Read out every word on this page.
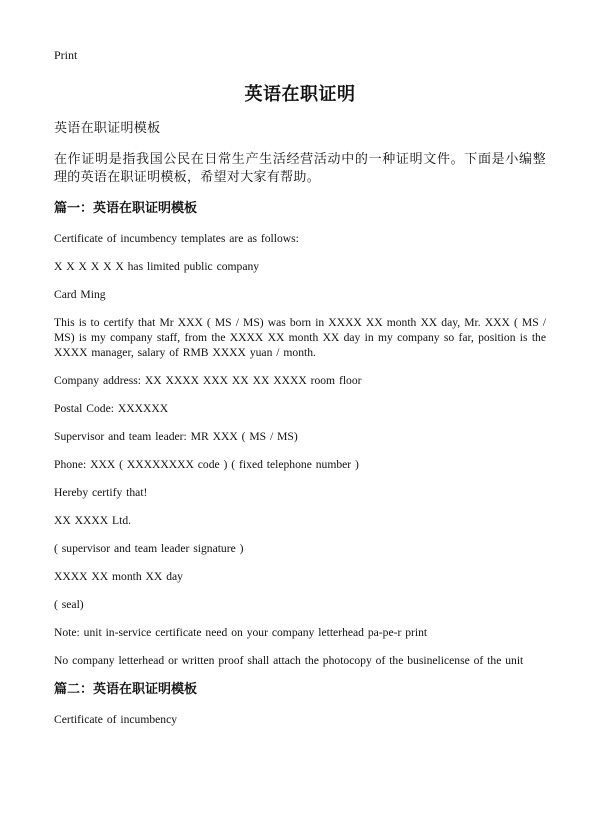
Print
英语在职证明

英语在职证明模板

在作证明是指我国公民在日常生产生活经营活动中的一种证明文件。下面是小编整理的英语在职证明模板，希望对大家有帮助。

篇一：英语在职证明模板

Certificate of incumbency templates are as follows:

X X X X X X has limited public company

Card Ming

This is to certify that Mr XXX ( MS / MS) was born in XXXX XX month XX day, Mr. XXX ( MS / MS) is my company staff, from the XXXX XX month XX day in my company so far, position is the XXXX manager, salary of RMB XXXX yuan / month.

Company address: XX XXXX XXX XX XX XXXX room floor

Postal Code: XXXXXX

Supervisor and team leader: MR XXX ( MS / MS)

Phone: XXX ( XXXXXXXX code ) ( fixed telephone number )

Hereby certify that!

XX XXXX Ltd.

( supervisor and team leader signature )

XXXX XX month XX day

( seal)

Note: unit in-service certificate need on your company letterhead pa-pe-r print

No company letterhead or written proof shall attach the photocopy of the businelicense of the unit

篇二：英语在职证明模板

Certificate of incumbency
